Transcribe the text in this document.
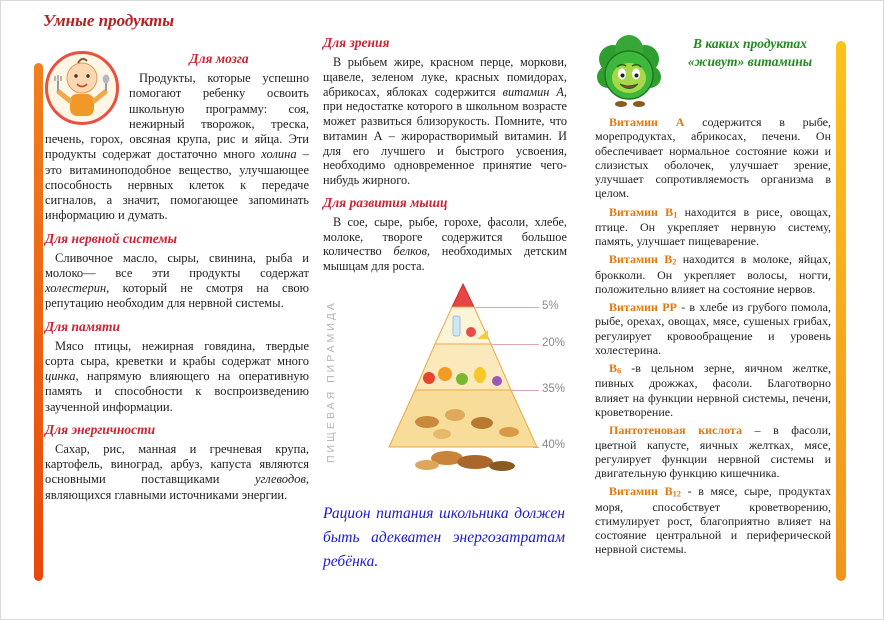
Умные продукты
Для мозга

Продукты, которые успешно помогают ребенку освоить школьную программу: соя, нежирный творожок, треска, печень, горох, овсяная крупа, рис и яйца. Эти продукты содержат достаточно много холина – это витаминоподобное вещество, улучшающее способность нервных клеток к передаче сигналов, а значит, помогающее запоминать информацию и думать.

Для нервной системы

Сливочное масло, сыры, свинина, рыба и молоко— все эти продукты содержат холестерин, который не смотря на свою репутацию необходим для нервной системы.

Для памяти

Мясо птицы, нежирная говядина, твердые сорта сыра, креветки и крабы содержат много цинка, напрямую влияющего на оперативную память и способности к воспроизведению заученной информации.

Для энергичности

Сахар, рис, манная и гречневая крупа, картофель, виноград, арбуз, капуста являются основными поставщиками углеводов, являющихся главными источниками энергии.

Для зрения

В рыбьем жире, красном перце, моркови, щавеле, зеленом луке, красных помидорах, абрикосах, яблоках содержится витамин А, при недостатке которого в школьном возрасте может развиться близорукость. Помните, что витамин А – жирорастворимый витамин. И для его лучшего и быстрого усвоения, необходимо одновременное принятие чего-нибудь жирного.

Для развития мышц

В сое, сыре, рыбе, горохе, фасоли, хлебе, молоке, твороге содержится большое количество белков, необходимых детским мышцам для роста.

ПИЩЕВАЯ ПИРАМИДА	5%
20%
35%
40%

Рацион питания школьника должен быть адекватен энергозатратам ребёнка.

В каких продуктах «живут» витамины

Витамин А содержится в рыбе, морепродуктах, абрикосах, печени. Он обеспечивает нормальное состояние кожи и слизистых оболочек, улучшает зрение, улучшает сопротивляемость организма в целом.

Витамин В1 находится в рисе, овощах, птице. Он укрепляет нервную систему, память, улучшает пищеварение.

Витамин В2 находится в молоке, яйцах, брокколи. Он укрепляет волосы, ногти, положительно влияет на состояние нервов.

Витамин РР - в хлебе из грубого помола, рыбе, орехах, овощах, мясе, сушеных грибах, регулирует кровообращение и уровень холестерина.

В6 -в цельном зерне, яичном желтке, пивных дрожжах, фасоли. Благотворно влияет на функции нервной системы, печени, кроветворение.

Пантотеновая кислота – в фасоли, цветной капусте, яичных желтках, мясе, регулирует функции нервной системы и двигательную функцию кишечника.

Витамин В12 - в мясе, сыре, продуктах моря, способствует кроветворению, стимулирует рост, благоприятно влияет на состояние центральной и периферической нервной системы.
